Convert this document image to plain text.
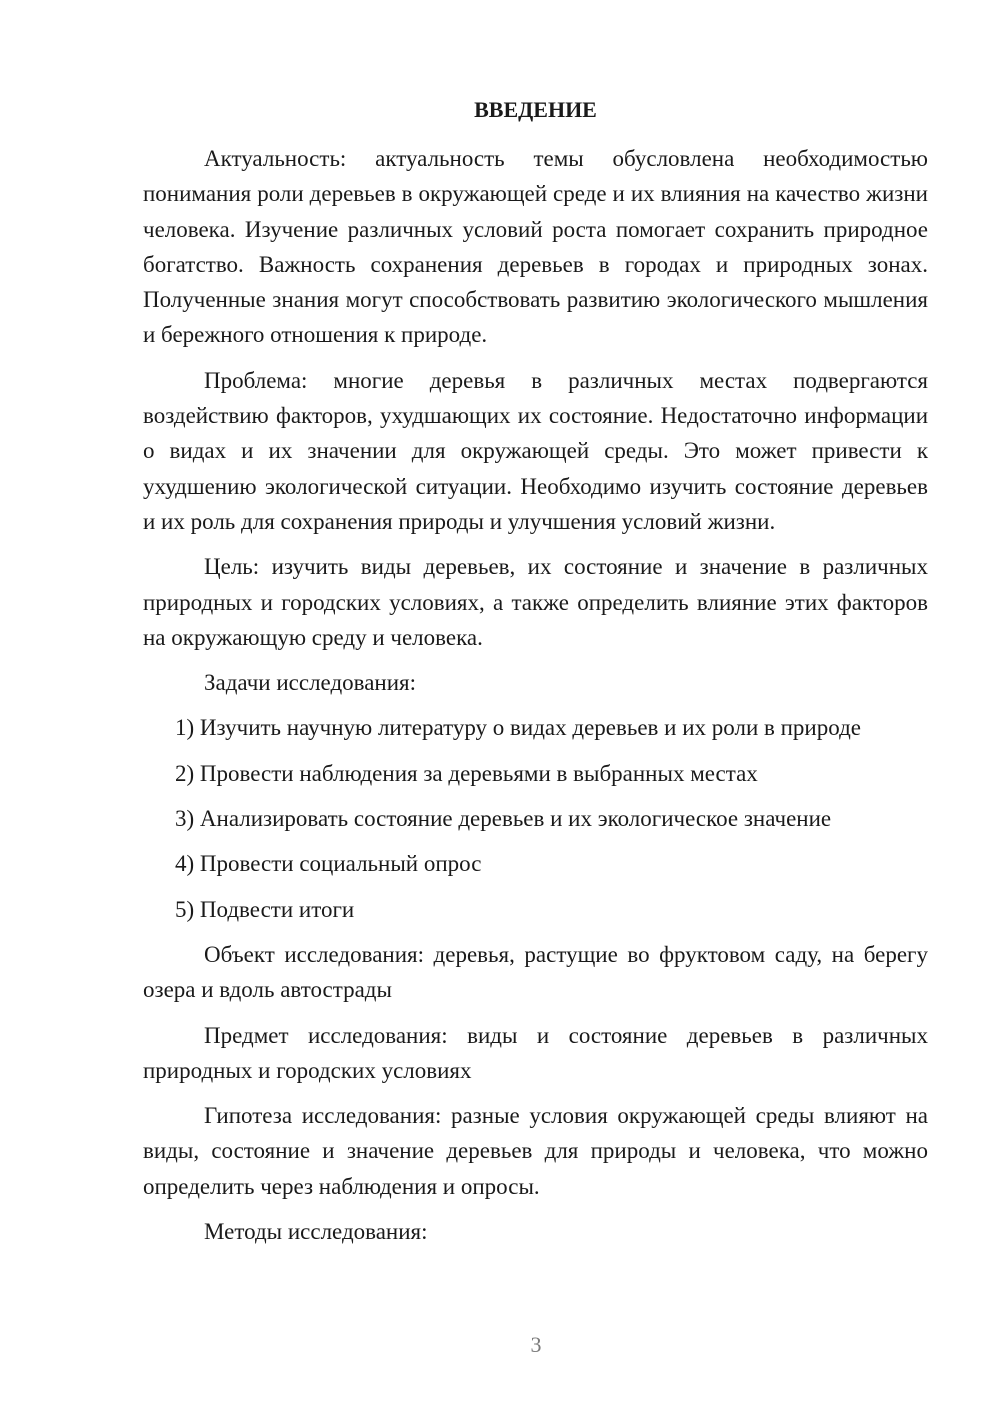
ВВЕДЕНИЕ

Актуальность: актуальность темы обусловлена необходимостью понимания роли деревьев в окружающей среде и их влияния на качество жизни человека. Изучение различных условий роста помогает сохранить природное богатство. Важность сохранения деревьев в городах и природных зонах. Полученные знания могут способствовать развитию экологического мышления и бережного отношения к природе.

Проблема: многие деревья в различных местах подвергаются воздействию факторов, ухудшающих их состояние. Недостаточно информации о видах и их значении для окружающей среды. Это может привести к ухудшению экологической ситуации. Необходимо изучить состояние деревьев и их роль для сохранения природы и улучшения условий жизни.

Цель: изучить виды деревьев, их состояние и значение в различных природных и городских условиях, а также определить влияние этих факторов на окружающую среду и человека.

Задачи исследования:

1) Изучить научную литературу о видах деревьев и их роли в природе
2) Провести наблюдения за деревьями в выбранных местах
3) Анализировать состояние деревьев и их экологическое значение
4) Провести социальный опрос
5) Подвести итоги

Объект исследования: деревья, растущие во фруктовом саду, на берегу озера и вдоль автострады

Предмет исследования: виды и состояние деревьев в различных природных и городских условиях

Гипотеза исследования: разные условия окружающей среды влияют на виды, состояние и значение деревьев для природы и человека, что можно определить через наблюдения и опросы.

Методы исследования:

3
